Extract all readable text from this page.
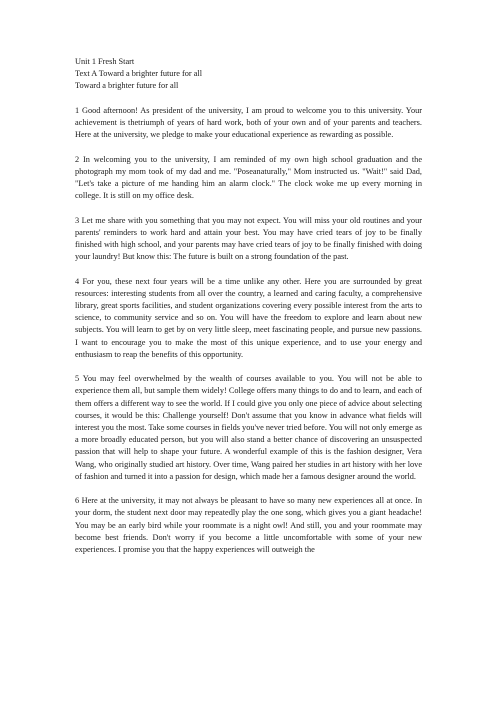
Unit 1 Fresh Start

Text A Toward a brighter future for all

Toward a brighter future for all

1 Good afternoon! As president of the university, I am proud to welcome you to this university. Your achievement is thetriumph of years of hard work, both of your own and of your parents and teachers. Here at the university, we pledge to make your educational experience as rewarding as possible.

2 In welcoming you to the university, I am reminded of my own high school graduation and the photograph my mom took of my dad and me. "Poseanaturally," Mom instructed us. "Wait!" said Dad, "Let's take a picture of me handing him an alarm clock." The clock woke me up every morning in college. It is still on my office desk.

3 Let me share with you something that you may not expect. You will miss your old routines and your parents' reminders to work hard and attain your best. You may have cried tears of joy to be finally finished with high school, and your parents may have cried tears of joy to be finally finished with doing your laundry! But know this: The future is built on a strong foundation of the past.

4 For you, these next four years will be a time unlike any other. Here you are surrounded by great resources: interesting students from all over the country, a learned and caring faculty, a comprehensive library, great sports facilities, and student organizations covering every possible interest from the arts to science, to community service and so on. You will have the freedom to explore and learn about new subjects. You will learn to get by on very little sleep, meet fascinating people, and pursue new passions. I want to encourage you to make the most of this unique experience, and to use your energy and enthusiasm to reap the benefits of this opportunity.

5 You may feel overwhelmed by the wealth of courses available to you. You will not be able to experience them all, but sample them widely! College offers many things to do and to learn, and each of them offers a different way to see the world. If I could give you only one piece of advice about selecting courses, it would be this: Challenge yourself! Don't assume that you know in advance what fields will interest you the most. Take some courses in fields you've never tried before. You will not only emerge as a more broadly educated person, but you will also stand a better chance of discovering an unsuspected passion that will help to shape your future. A wonderful example of this is the fashion designer, Vera Wang, who originally studied art history. Over time, Wang paired her studies in art history with her love of fashion and turned it into a passion for design, which made her a famous designer around the world.

6 Here at the university, it may not always be pleasant to have so many new experiences all at once. In your dorm, the student next door may repeatedly play the one song, which gives you a giant headache! You may be an early bird while your roommate is a night owl! And still, you and your roommate may become best friends. Don't worry if you become a little uncomfortable with some of your new experiences. I promise you that the happy experiences will outweigh the
